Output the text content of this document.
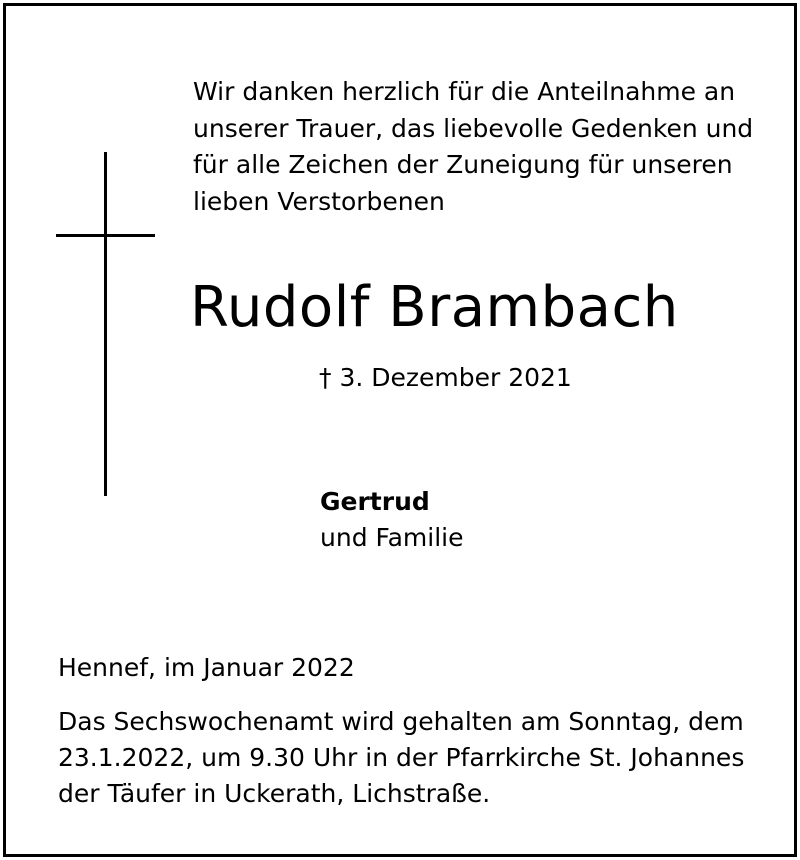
Wir danken herzlich für die Anteilnahme an
unserer Trauer, das liebevolle Gedenken und
für alle Zeichen der Zuneigung für unseren
lieben Verstorbenen

Rudolf Brambach
† 3. Dezember 2021
Gertrud
und Familie
Hennef, im Januar 2022
Das Sechswochenamt wird gehalten am Sonntag, dem
23.1.2022, um 9.30 Uhr in der Pfarrkirche St. Johannes
der Täufer in Uckerath, Lichstraße.
